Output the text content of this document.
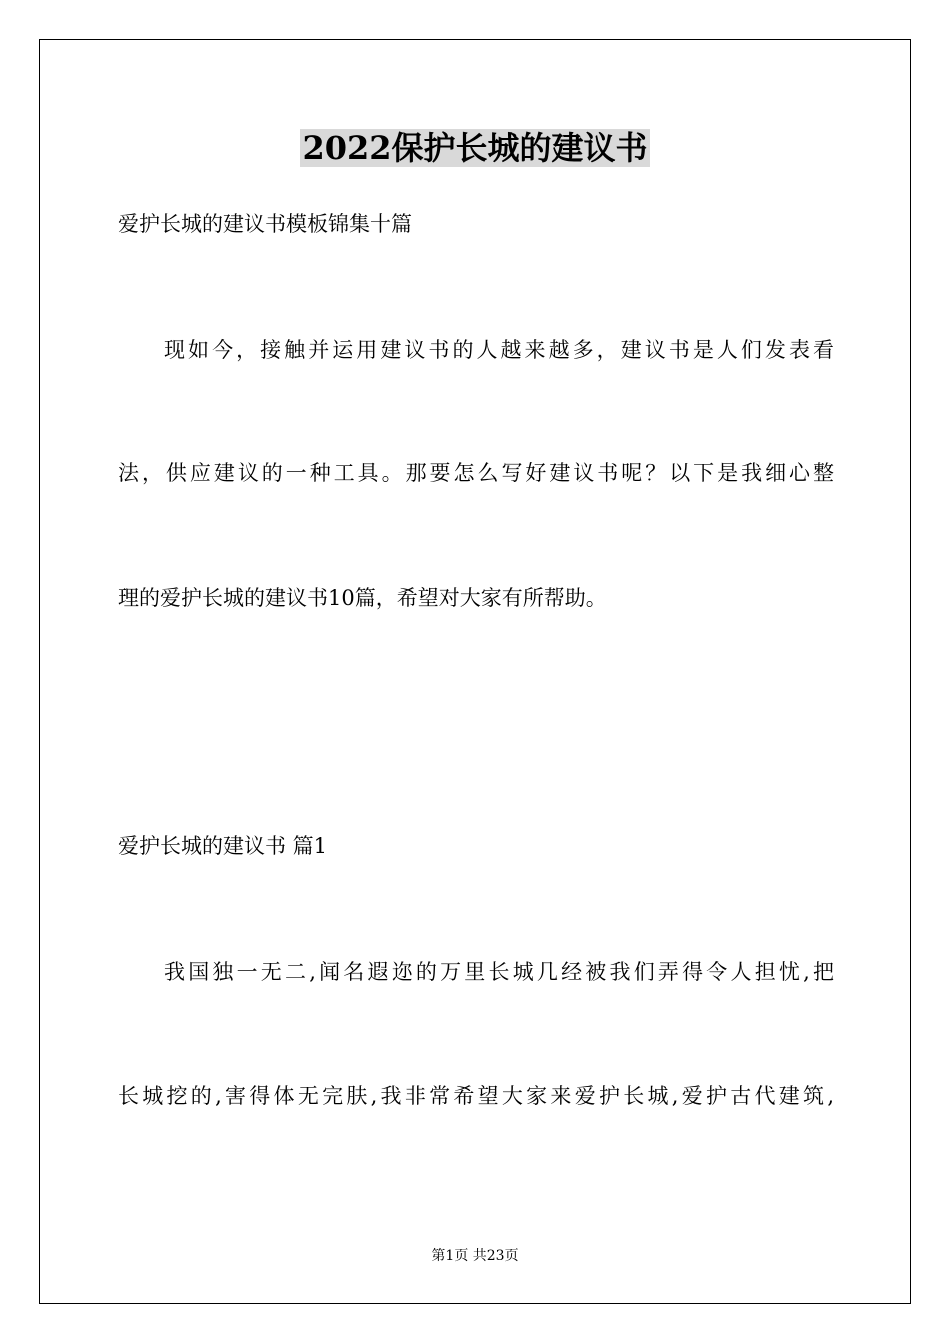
2022保护长城的建议书
爱护长城的建议书模板锦集十篇
现如今，接触并运用建议书的人越来越多，建议书是人们发表看
法，供应建议的一种工具。那要怎么写好建议书呢？以下是我细心整
理的爱护长城的建议书10篇，希望对大家有所帮助。
爱护长城的建议书 篇1
我国独一无二,闻名遐迩的万里长城几经被我们弄得令人担忧,把
长城挖的,害得体无完肤,我非常希望大家来爱护长城,爱护古代建筑,
第1页 共23页
